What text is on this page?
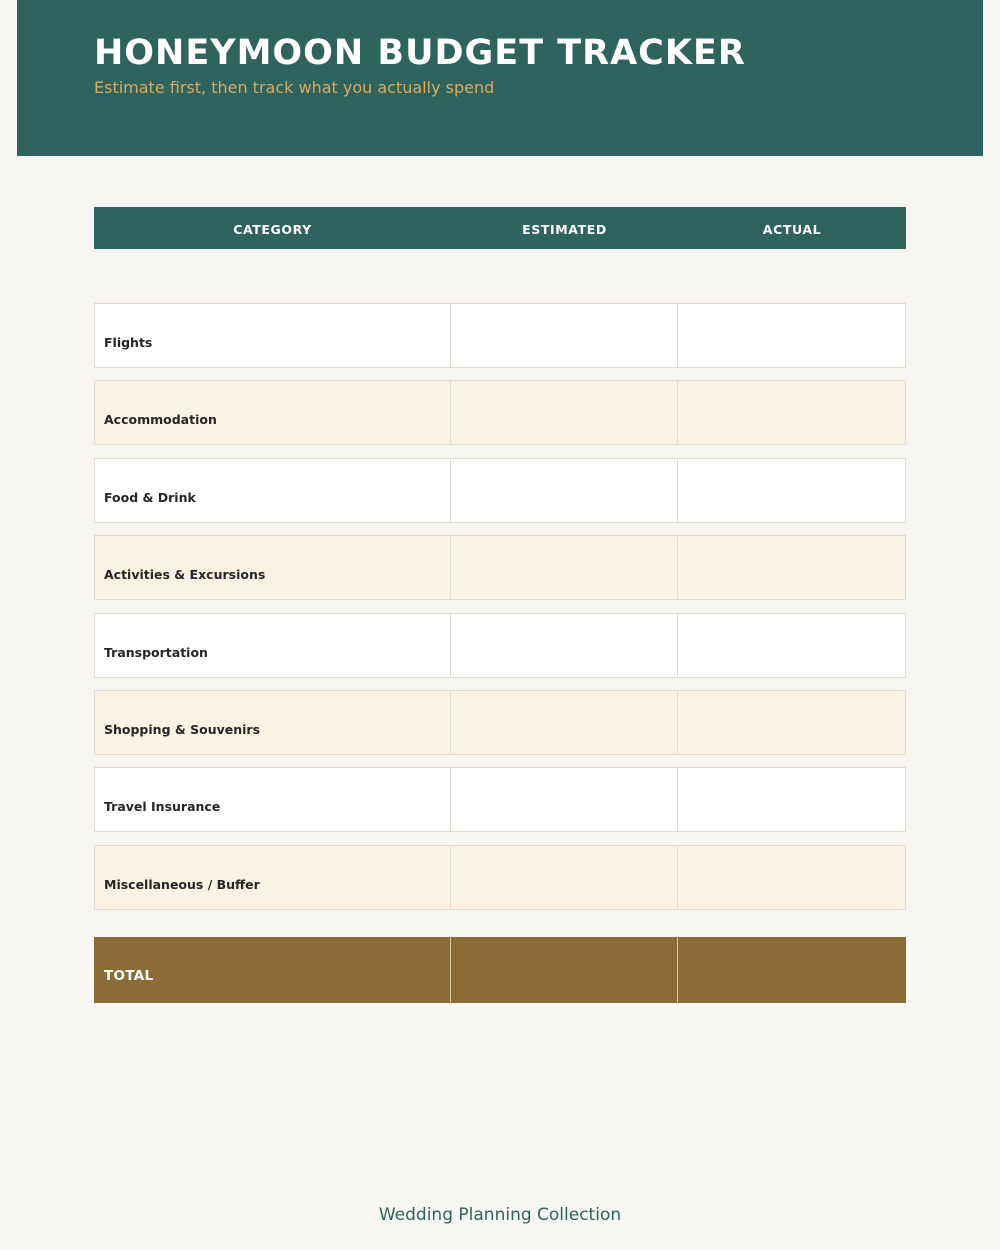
HONEYMOON BUDGET TRACKER

Estimate first, then track what you actually spend

CATEGORY	ESTIMATED	ACTUAL
Flights
Accommodation
Food & Drink
Activities & Excursions
Transportation
Shopping & Souvenirs
Travel Insurance
Miscellaneous / Buffer
TOTAL
Wedding Planning Collection
